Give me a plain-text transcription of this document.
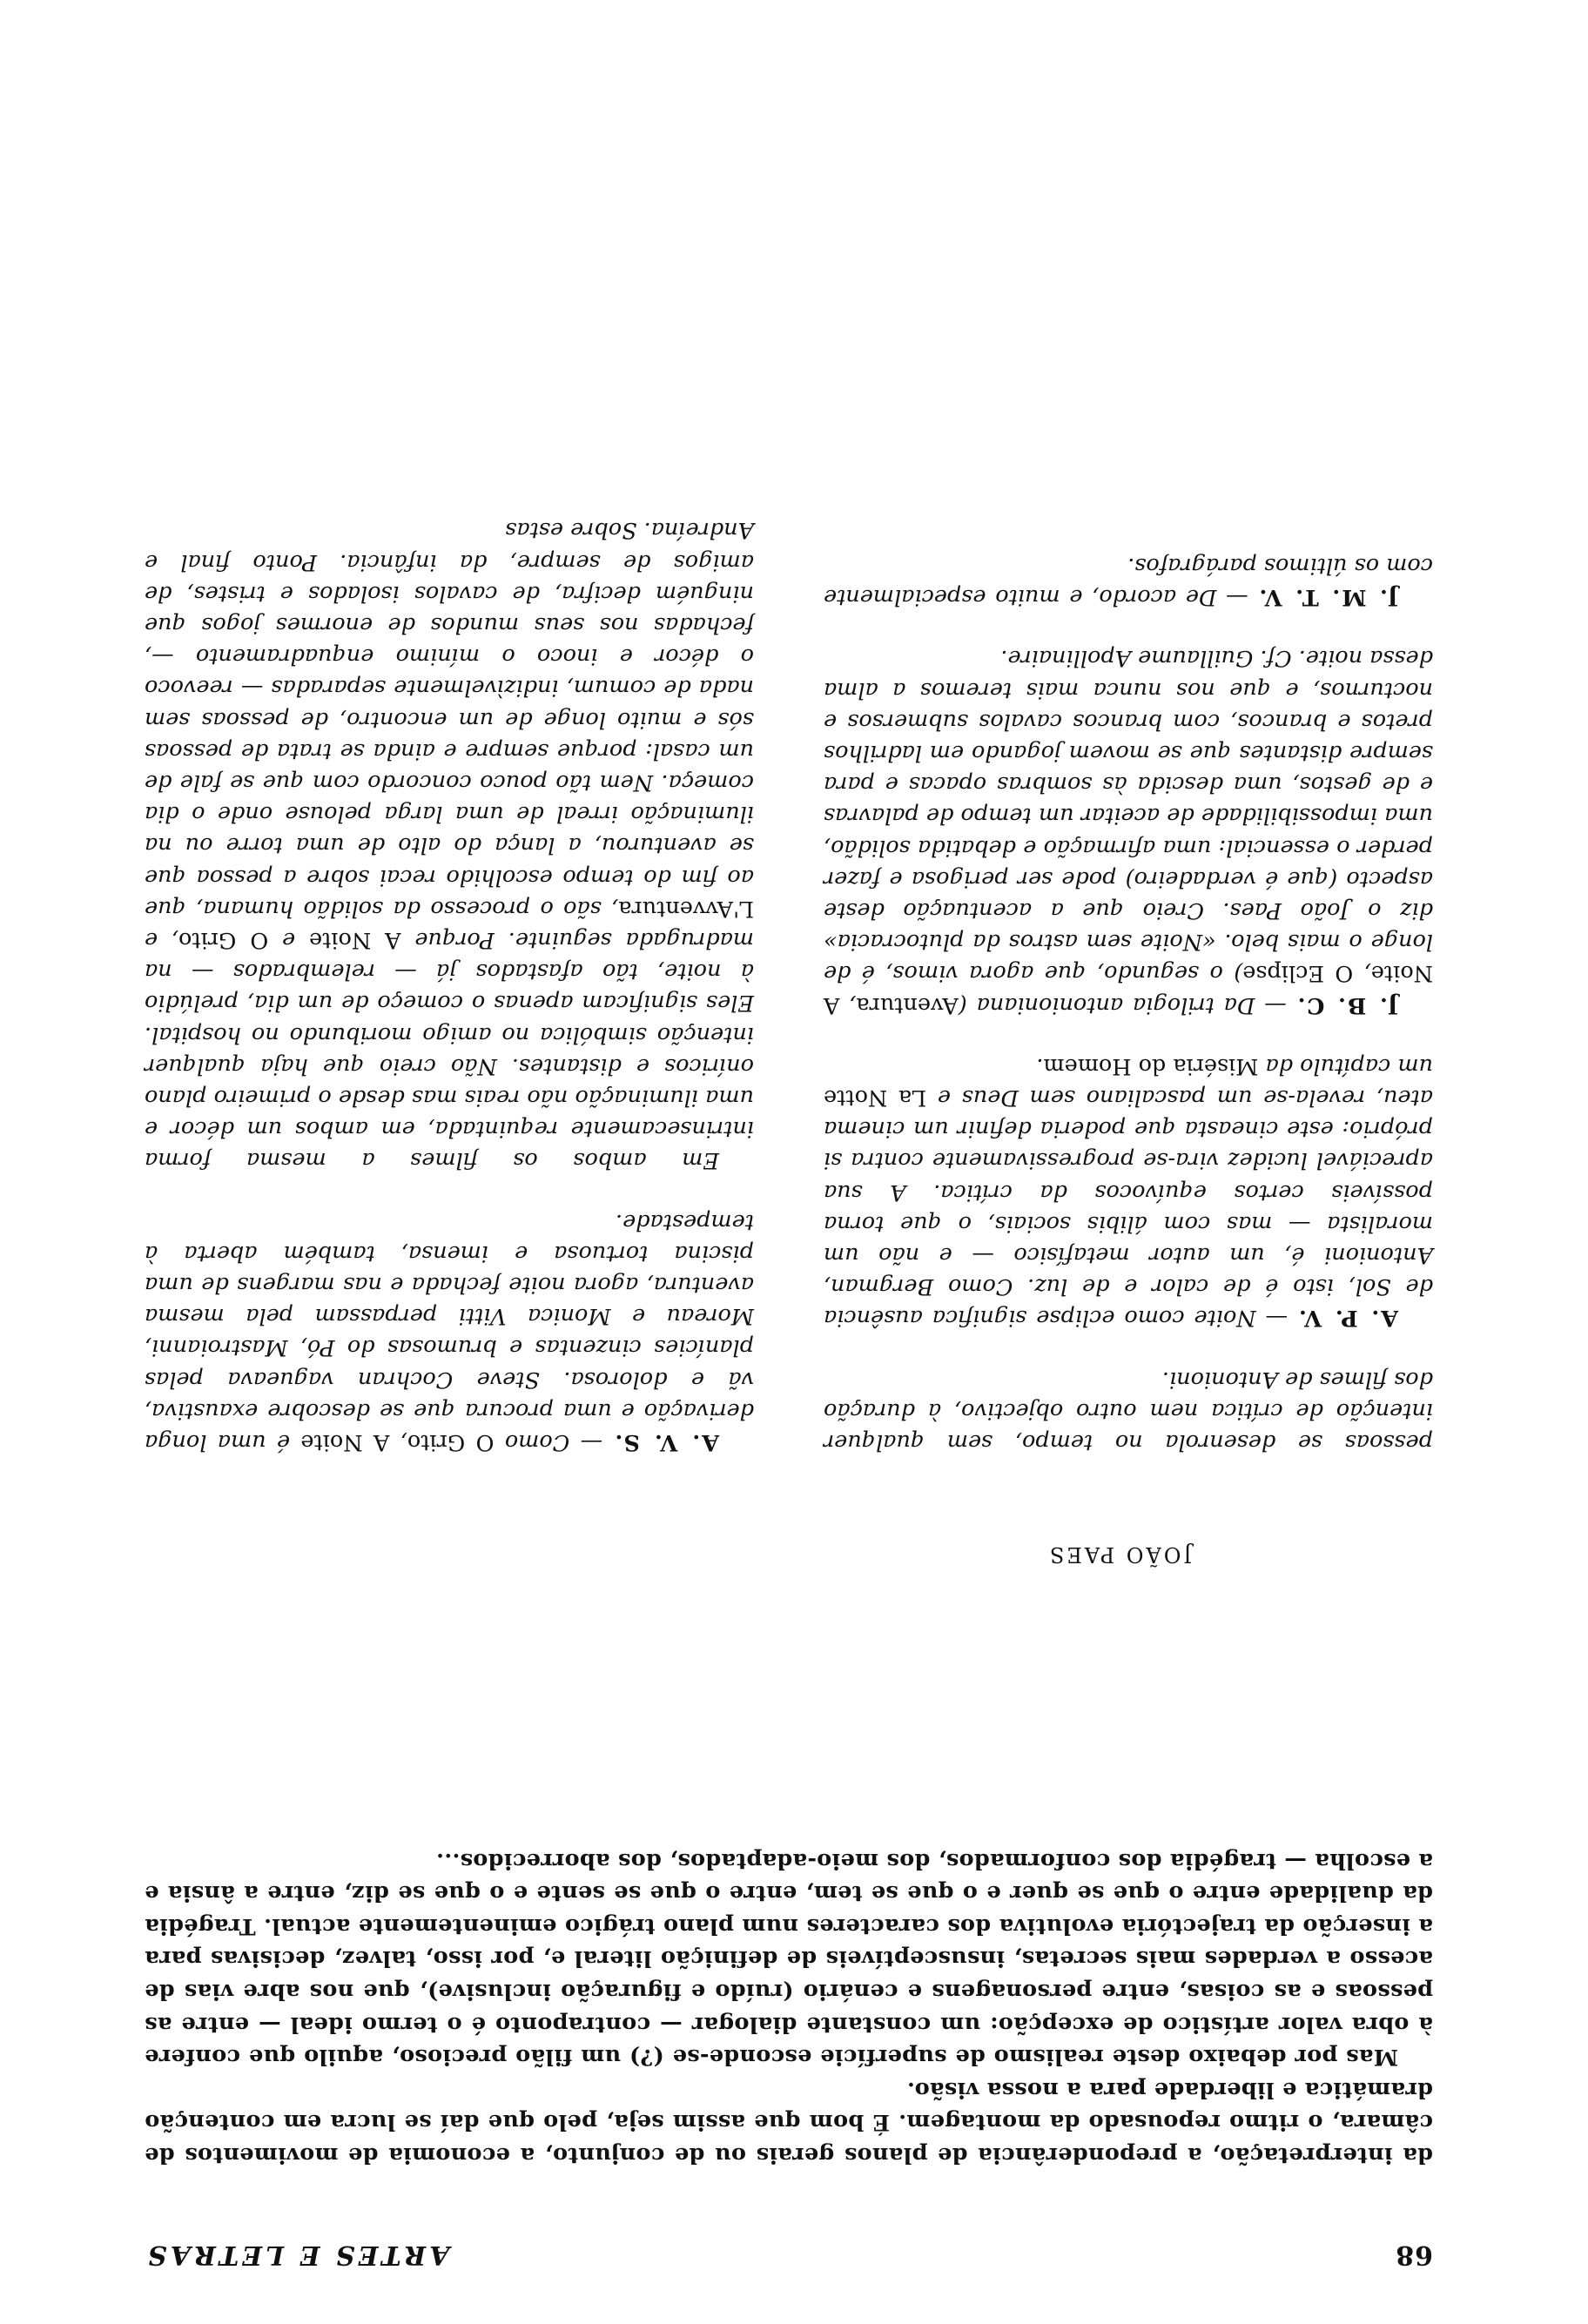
68
ARTES E LETRAS

da interpretação, a preponderância de planos gerais ou de conjunto, a economia de movimentos de câmara, o ritmo repousado da montagem. É bom que assim seja, pelo que daí se lucra em contenção dramática e liberdade para a nossa visão.

Mas por debaixo deste realismo de superfície esconde-se (?) um filão precioso, aquilo que confere à obra valor artístico de excepção: um constante dialogar — contraponto é o termo ideal — entre as pessoas e as coisas, entre personagens e cenário (ruído e figuração inclusive), que nos abre vias de acesso a verdades mais secretas, insusceptíveis de definição literal e, por isso, talvez, decisivas para a inserção da trajectória evolutiva dos caracteres num plano trágico eminentemente actual. Tragédia da dualidade entre o que se quer e o que se tem, entre o que se sente e o que se diz, entre a ânsia e a escolha — tragédia dos conformados, dos meio-adaptados, dos aborrecidos...

JOÃO PAES

pessoas se desenrola no tempo, sem qualquer intenção de crítica nem outro objectivo, à duração dos filmes de Antonioni.

A. P. V. — Noite como eclipse significa ausência de Sol, isto é de calor e de luz. Como Bergman, Antonioni é, um autor metafísico — e não um moralista — mas com álibis sociais, o que torna possíveis certos equívocos da crítica. A sua apreciável lucidez vira-se progressivamente contra si próprio: este cineasta que poderia definir um cinema ateu, revela-se um pascaliano sem Deus e La Notte um capítulo da Miséria do Homem.

J. B. C. — Da trilogia antonioniana (Aventura, A Noite, O Eclipse) o segundo, que agora vimos, é de longe o mais belo. «Noite sem astros da plutocracia» diz o João Paes. Creio que a acentuação deste aspecto (que é verdadeiro) pode ser perigosa e fazer perder o essencial: uma afirmação e debatida solidão, uma impossibilidade de aceitar um tempo de palavras e de gestos, uma descida às sombras opacas e para sempre distantes que se movem jogando em ladrilhos pretos e brancos, com brancos cavalos submersos e nocturnos, e que nos nunca mais teremos a alma dessa noite. Cf. Guillaume Apollinaire.

J. M. T. V. — De acordo, e muito especialmente com os últimos parágrafos.

A. V. S. — Como O Grito, A Noite é uma longa derivação e uma procura que se descobre exaustiva, vã e dolorosa. Steve Cochran vagueava pelas planícies cinzentas e brumosas do Pó, Mastroianni, Moreau e Monica Vitti perpassam pela mesma aventura, agora noite fechada e nas margens de uma piscina tortuosa e imensa, também aberta à tempestade.

Em ambos os filmes a mesma forma intrinsecamente requintada, em ambos um décor e uma iluminação não reais mas desde o primeiro plano oníricos e distantes. Não creio que haja qualquer intenção simbólica no amigo moribundo no hospital. Eles significam apenas o começo de um dia, prelúdio à noite, tão afastados já — relembrados — na madrugada seguinte. Porque A Noite e O Grito, e L'Avventura, são o processo da solidão humana, que ao fim do tempo escolhido recai sobre a pessoa que se aventurou, a lança do alto de uma torre ou na iluminação irreal de uma larga pelouse onde o dia começa. Nem tão pouco concordo com que se fale de um casal: porque sempre e ainda se trata de pessoas sós e muito longe de um encontro, de pessoas sem nada de comum, indizìvelmente separadas — reevoco o décor e inoco o mínimo enquadramento —, fechadas nos seus mundos de enormes jogos que ninguém decifra, de cavalos isolados e tristes, de amigos de sempre, da infância. Ponto final e Andreína. Sobre estas
